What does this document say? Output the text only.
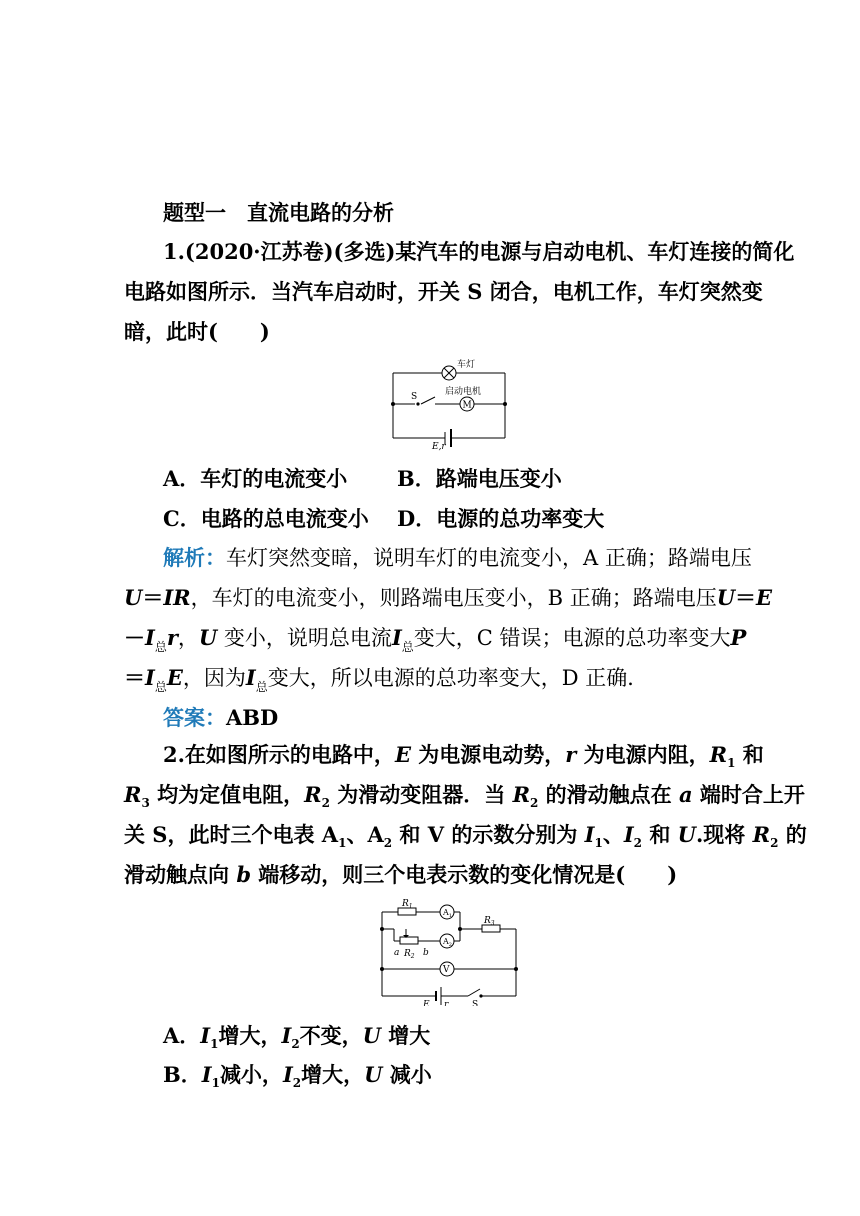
题型一　直流电路的分析
1.(2020·江苏卷)(多选)某汽车的电源与启动电机、车灯连接的简化
电路如图所示．当汽车启动时，开关 S 闭合，电机工作，车灯突然变
暗，此时(　　)
车灯
S	启动电机
M
E,r
A．车灯的电流变小	B．路端电压变小
C．电路的总电流变小	D．电源的总功率变大
解析：车灯突然变暗，说明车灯的电流变小，A 正确；路端电压
U＝IR，车灯的电流变小，则路端电压变小，B 正确；路端电压U＝E
$-I_总r$，U 变小，说明总电流$I_总$变大，C 错误；电源的总功率变大P
$=I_总E$，因为$I_总$变大，所以电源的总功率变大，D 正确．
答案：ABD
2.在如图所示的电路中，E 为电源电动势，r 为电源内阻，$R_1$ 和
$R_3$ 均为定值电阻，$R_2$ 为滑动变阻器．当 $R_2$ 的滑动触点在 a 端时合上开
关 S，此时三个电表 $A_1$、$A_2$ 和 V 的示数分别为 $I_1$、$I_2$ 和 U.现将 $R_2$ 的
滑动触点向 b 端移动，则三个电表示数的变化情况是(　　)
$R_1$
$A_1$	$R_3$
$A_2$
a $R_2$ b
V
E r	S
A．$I_1$增大，$I_2$不变，U 增大
B．$I_1$减小，$I_2$增大，U 减小
